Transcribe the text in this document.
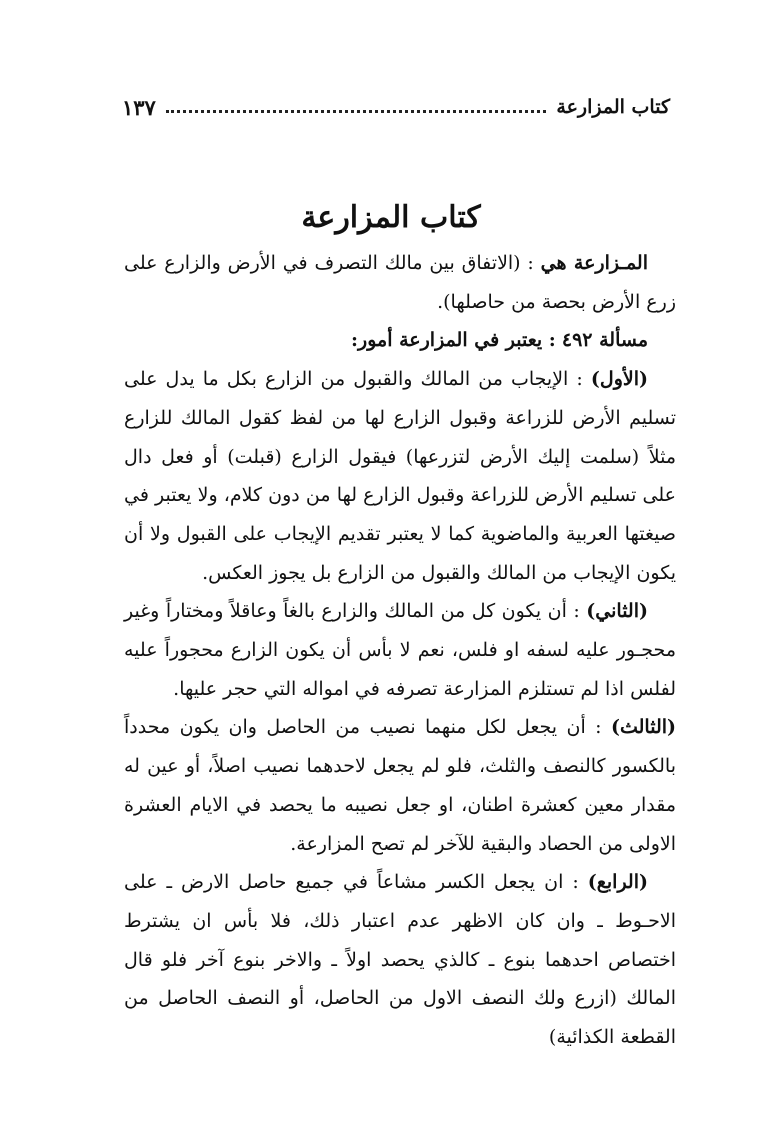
كتاب المزارعة
١٣٧
كتاب المزارعة

المـزارعة هي : (الاتفاق بين مالك التصرف في الأرض والزارع على زرع الأرض بحصة من حاصلها).

مسألة ٤٩٢ : يعتبر في المزارعة أمور:

(الأول) : الإيجاب من المالك والقبول من الزارع بكل ما يدل على تسليم الأرض للزراعة وقبول الزارع لها من لفظ كقول المالك للزارع مثلاً (سلمت إليك الأرض لتزرعها) فيقول الزارع (قبلت) أو فعل دال على تسليم الأرض للزراعة وقبول الزارع لها من دون كلام، ولا يعتبر في صيغتها العربية والماضوية كما لا يعتبر تقديم الإيجاب على القبول ولا أن يكون الإيجاب من المالك والقبول من الزارع بل يجوز العكس.

(الثاني) : أن يكون كل من المالك والزارع بالغاً وعاقلاً ومختاراً وغير محجـور عليه لسفه او فلس، نعم لا بأس أن يكون الزارع محجوراً عليه لفلس اذا لم تستلزم المزارعة تصرفه في امواله التي حجر عليها.

(الثالث) : أن يجعل لكل منهما نصيب من الحاصل وان يكون محدداً بالكسور كالنصف والثلث، فلو لم يجعل لاحدهما نصيب اصلاً، أو عين له مقدار معين كعشرة اطنان، او جعل نصيبه ما يحصد في الايام العشرة الاولى من الحصاد والبقية للآخر لم تصح المزارعة.

(الرابع) : ان يجعل الكسر مشاعاً في جميع حاصل الارض ـ على الاحـوط ـ وان كان الاظهر عدم اعتبار ذلك، فلا بأس ان يشترط اختصاص احدهما بنوع ـ كالذي يحصد اولاً ـ والاخر بنوع آخر فلو قال المالك (ازرع ولك النصف الاول من الحاصل، أو النصف الحاصل من القطعة الكذائية)
